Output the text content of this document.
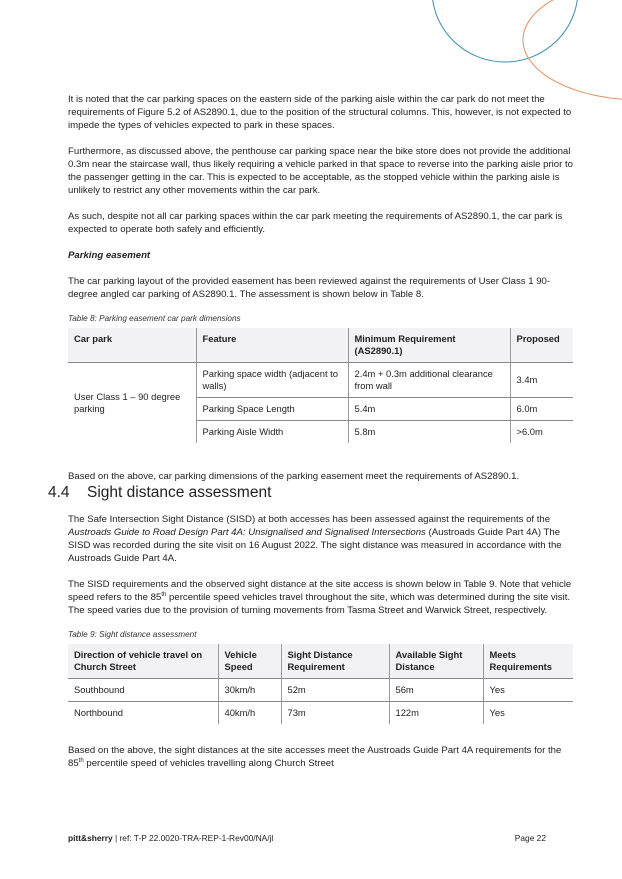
It is noted that the car parking spaces on the eastern side of the parking aisle within the car park do not meet the requirements of Figure 5.2 of AS2890.1, due to the position of the structural columns. This, however, is not expected to impede the types of vehicles expected to park in these spaces.

Furthermore, as discussed above, the penthouse car parking space near the bike store does not provide the additional 0.3m near the staircase wall, thus likely requiring a vehicle parked in that space to reverse into the parking aisle prior to the passenger getting in the car. This is expected to be acceptable, as the stopped vehicle within the parking aisle is unlikely to restrict any other movements within the car park.

As such, despite not all car parking spaces within the car park meeting the requirements of AS2890.1, the car park is expected to operate both safely and efficiently.

Parking easement

The car parking layout of the provided easement has been reviewed against the requirements of User Class 1 90-degree angled car parking of AS2890.1. The assessment is shown below in Table 8.

Table 8: Parking easement car park dimensions
Car park	Feature	Minimum Requirement (AS2890.1)	Proposed
User Class 1 – 90 degree parking	Parking space width (adjacent to walls)	2.4m + 0.3m additional clearance from wall	3.4m
	Parking Space Length	5.4m	6.0m
	Parking Aisle Width	5.8m	>6.0m

Based on the above, car parking dimensions of the parking easement meet the requirements of AS2890.1.

4.4	Sight distance assessment

The Safe Intersection Sight Distance (SISD) at both accesses has been assessed against the requirements of the Austroads Guide to Road Design Part 4A: Unsignalised and Signalised Intersections (Austroads Guide Part 4A) The SISD was recorded during the site visit on 16 August 2022. The sight distance was measured in accordance with the Austroads Guide Part 4A.

The SISD requirements and the observed sight distance at the site access is shown below in Table 9. Note that vehicle speed refers to the 85th percentile speed vehicles travel throughout the site, which was determined during the site visit. The speed varies due to the provision of turning movements from Tasma Street and Warwick Street, respectively.

Table 9: Sight distance assessment
Direction of vehicle travel on Church Street	Vehicle Speed	Sight Distance Requirement	Available Sight Distance	Meets Requirements
Southbound	30km/h	52m	56m	Yes
Northbound	40km/h	73m	122m	Yes

Based on the above, the sight distances at the site accesses meet the Austroads Guide Part 4A requirements for the 85th percentile speed of vehicles travelling along Church Street

pitt&sherry | ref: T-P 22.0020-TRA-REP-1-Rev00/NA/jl	Page 22
